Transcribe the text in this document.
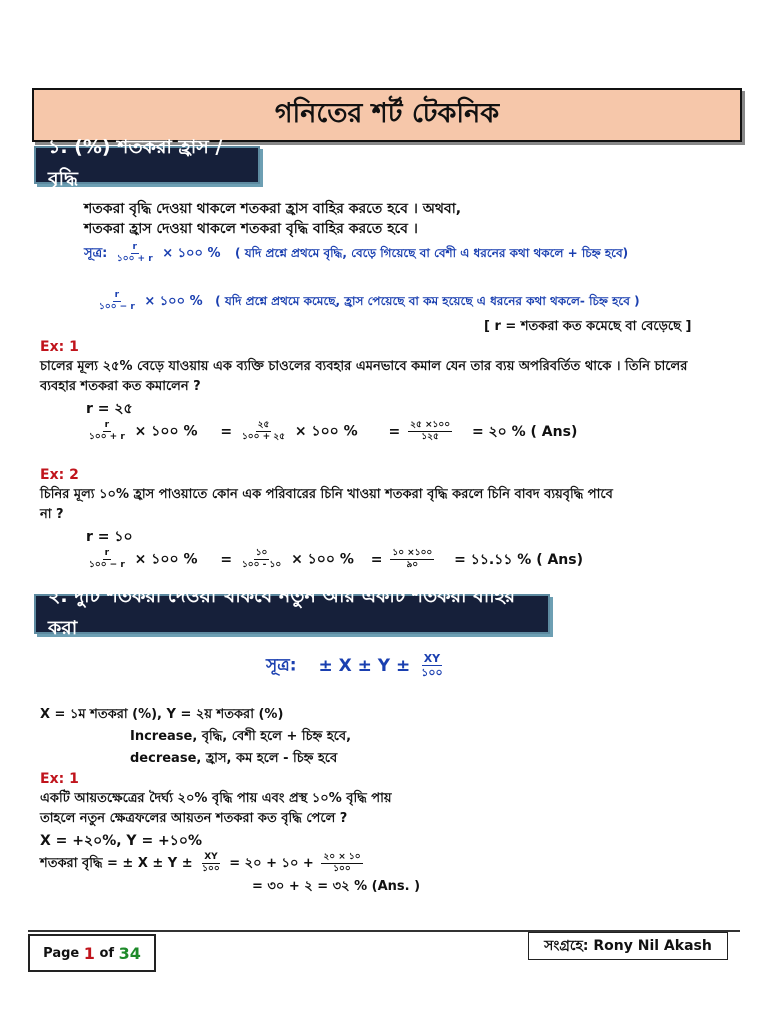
গনিতের শর্ট টেকনিক
১. (%) শতকরা হ্রাস / বৃদ্ধি
শতকরা বৃদ্ধি দেওয়া থাকলে শতকরা হ্রাস বাহির করতে হবে । অথবা,
শতকরা হ্রাস দেওয়া থাকলে শতকরা বৃদ্ধি বাহির করতে হবে ।
সূত্র: $\frac{r}{১০০ + r}$ × ১০০ % ( যদি প্রশ্নে প্রথমে বৃদ্ধি, বেড়ে গিয়েছে বা বেশী এ ধরনের কথা থকলে + চিহ্ন হবে)
$\frac{r}{১০০ - r}$ × ১০০ % ( যদি প্রশ্নে প্রথমে কমেছে, হ্রাস পেয়েছে বা কম হয়েছে এ ধরনের কথা থকলে- চিহ্ন হবে )
[ r = শতকরা কত কমেছে বা বেড়েছে ]
Ex: 1
চালের মূল্য ২৫% বেড়ে যাওয়ায় এক ব্যক্তি চাওলের ব্যবহার এমনভাবে কমাল যেন তার ব্যয় অপরিবর্তিত থাকে । তিনি চালের
ব্যবহার শতকরা কত কমালেন ?
r = ২৫
$\frac{r}{১০০ + r}$ × ১০০ % = $\frac{২৫}{১০০ + ২৫}$ × ১০০ % = $\frac{২৫ \times ১০০}{১২৫}$ = ২০ % ( Ans)
Ex: 2
চিনির মূল্য ১০% হ্রাস পাওয়াতে কোন এক পরিবারের চিনি খাওয়া শতকরা বৃদ্ধি করলে চিনি বাবদ ব্যয়বৃদ্ধি পাবে
না ?
r = ১০
$\frac{r}{১০০ - r}$ × ১০০ % = $\frac{১০}{১০০ - ১০}$ × ১০০ % = $\frac{১০ \times ১০০}{৯০}$ = ১১.১১ % ( Ans)
২. দুটি শতকরা দেওয়া থাকবে নতুন আর একটি শতকরা বাহির করা
সূত্র: ± $X \pm Y \pm \frac{XY}{১০০}$
X = ১ম শতকরা (%), Y = ২য় শতকরা (%)
Increase, বৃদ্ধি, বেশী হলে + চিহ্ন হবে,
decrease, হ্রাস, কম হলে - চিহ্ন হবে
Ex: 1
একটি আয়তক্ষেত্রের দৈর্ঘ্য ২০% বৃদ্ধি পায় এবং প্রস্থ ১০% বৃদ্ধি পায়
তাহলে নতুন ক্ষেত্রফলের আয়তন শতকরা কত বৃদ্ধি পেলে ?
X = +২০%, Y = +১০%
শতকরা বৃদ্ধি = ± $X \pm Y \pm \frac{XY}{১০০}$ = ২০ + ১০ + $\frac{২০ \times ১০}{১০০}$
= ৩০ + ২ = ৩২ % (Ans. )
Page
1
of
34	সংগ্রহে: Rony Nil Akash
